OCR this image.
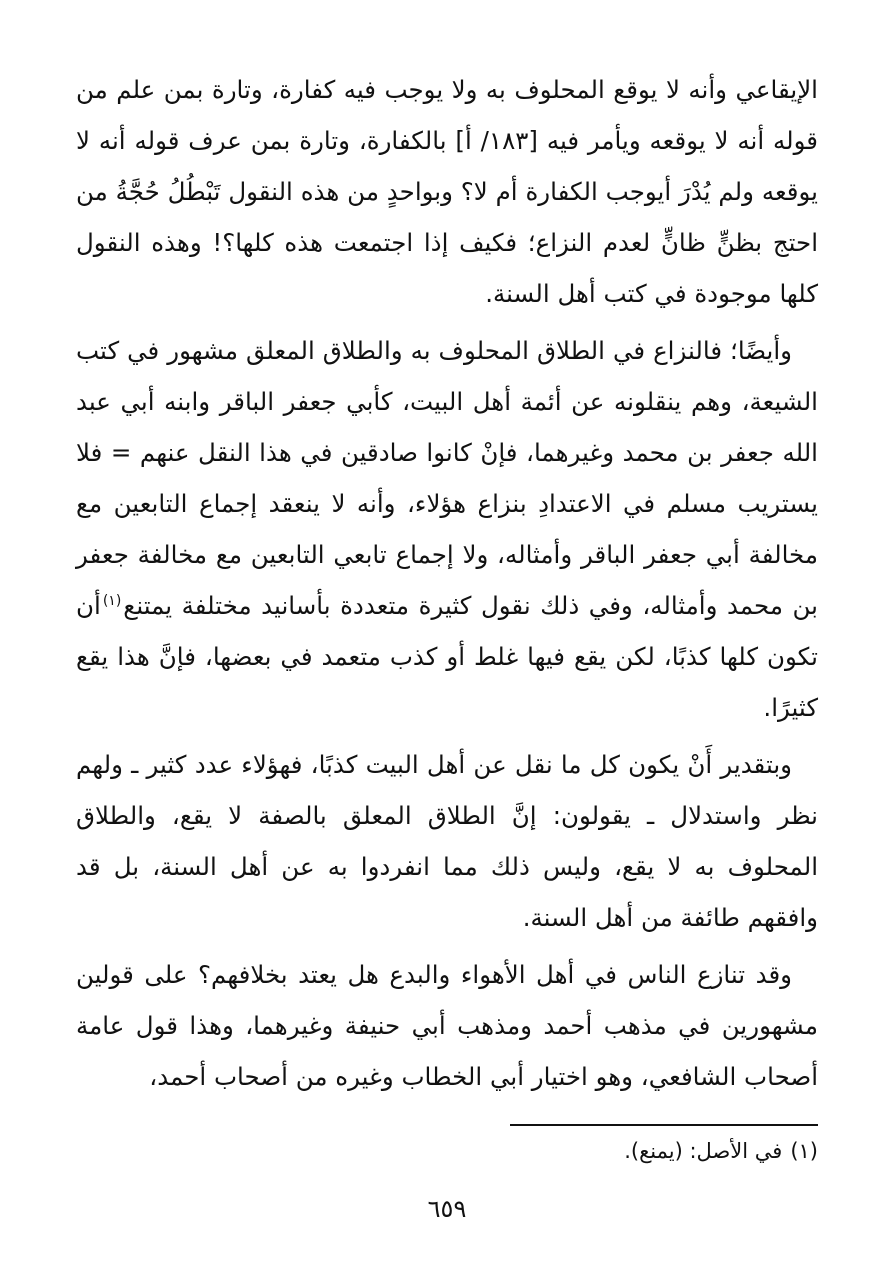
الإيقاعي وأنه لا يوقع المحلوف به ولا يوجب فيه كفارة، وتارة بمن علم من قوله أنه لا يوقعه ويأمر فيه [١٨٣/ أ] بالكفارة، وتارة بمن عرف قوله أنه لا يوقعه ولم يُدْرَ أيوجب الكفارة أم لا؟ وبواحدٍ من هذه النقول تَبْطُلُ حُجَّةُ من احتج بظنٍّ ظانٍّ لعدم النزاع؛ فكيف إذا اجتمعت هذه كلها؟! وهذه النقول كلها موجودة في كتب أهل السنة.

وأيضًا؛ فالنزاع في الطلاق المحلوف به والطلاق المعلق مشهور في كتب الشيعة، وهم ينقلونه عن أئمة أهل البيت، كأبي جعفر الباقر وابنه أبي عبد الله جعفر بن محمد وغيرهما، فإنْ كانوا صادقين في هذا النقل عنهم = فلا يستريب مسلم في الاعتدادِ بنزاع هؤلاء، وأنه لا ينعقد إجماع التابعين مع مخالفة أبي جعفر الباقر وأمثاله، ولا إجماع تابعي التابعين مع مخالفة جعفر بن محمد وأمثاله، وفي ذلك نقول كثيرة متعددة بأسانيد مختلفة يمتنع$^{(١)}$أن تكون كلها كذبًا، لكن يقع فيها غلط أو كذب متعمد في بعضها، فإنَّ هذا يقع كثيرًا.

وبتقدير أَنْ يكون كل ما نقل عن أهل البيت كذبًا، فهؤلاء عدد كثير ـ ولهم نظر واستدلال ـ يقولون: إنَّ الطلاق المعلق بالصفة لا يقع، والطلاق المحلوف به لا يقع، وليس ذلك مما انفردوا به عن أهل السنة، بل قد وافقهم طائفة من أهل السنة.

وقد تنازع الناس في أهل الأهواء والبدع هل يعتد بخلافهم؟ على قولين مشهورين في مذهب أحمد ومذهب أبي حنيفة وغيرهما، وهذا قول عامة أصحاب الشافعي، وهو اختيار أبي الخطاب وغيره من أصحاب أحمد،

(١)في الأصل: (يمنع).
٦٥٩
